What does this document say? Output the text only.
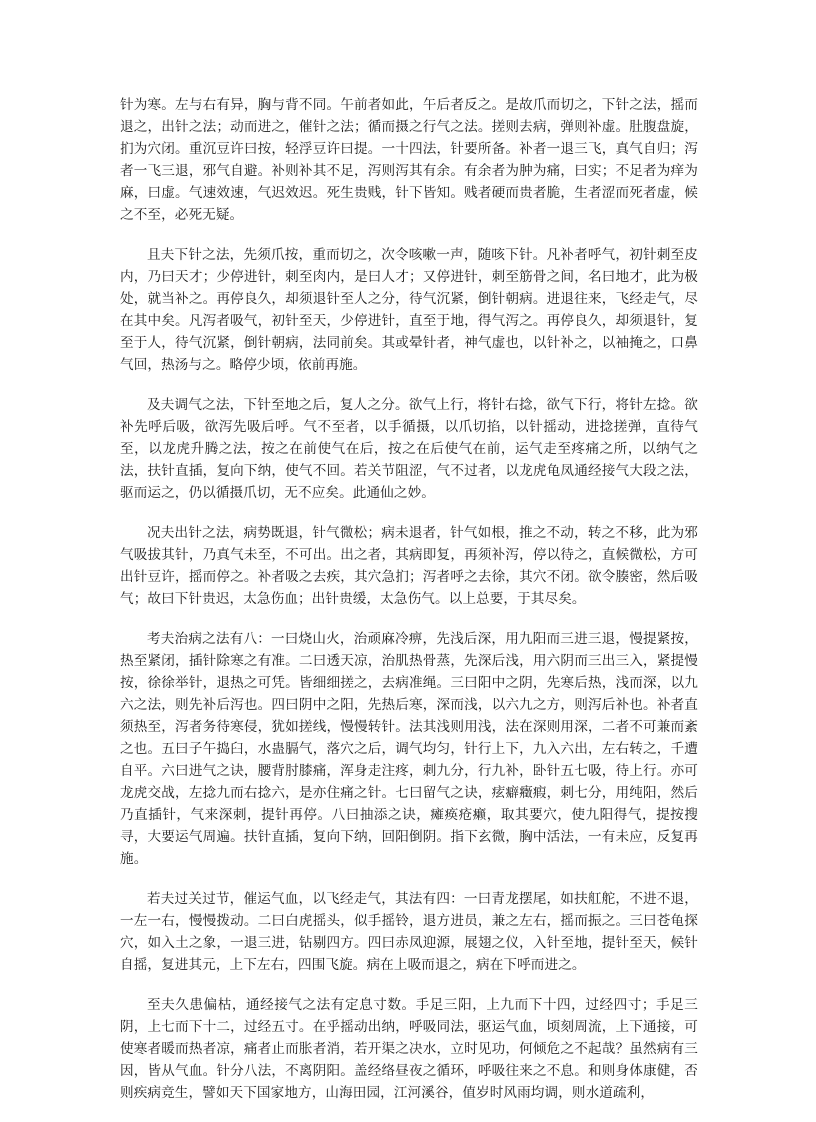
针为寒。左与右有异，胸与背不同。午前者如此，午后者反之。是故爪而切之，下针之法，摇而退之，出针之法；动而进之，催针之法；循而摄之行气之法。搓则去病，弹则补虚。肚腹盘旋，扪为穴闭。重沉豆许曰按，轻浮豆许曰提。一十四法，针要所备。补者一退三飞，真气自归；泻者一飞三退，邪气自避。补则补其不足，泻则泻其有余。有余者为肿为痛，曰实；不足者为痒为麻，曰虚。气速效速，气迟效迟。死生贵贱，针下皆知。贱者硬而贵者脆，生者涩而死者虚，候之不至，必死无疑。

且夫下针之法，先须爪按，重而切之，次令咳嗽一声，随咳下针。凡补者呼气，初针刺至皮内，乃曰天才；少停进针，刺至肉内，是曰人才；又停进针，刺至筋骨之间，名曰地才，此为极处，就当补之。再停良久，却须退针至人之分，待气沉紧，倒针朝病。进退往来，飞经走气，尽在其中矣。凡泻者吸气，初针至天，少停进针，直至于地，得气泻之。再停良久，却须退针，复至于人，待气沉紧，倒针朝病，法同前矣。其或晕针者，神气虚也，以针补之，以袖掩之，口鼻气回，热汤与之。略停少顷，依前再施。

及夫调气之法，下针至地之后，复人之分。欲气上行，将针右捻，欲气下行，将针左捻。欲补先呼后吸，欲泻先吸后呼。气不至者，以手循摄，以爪切掐，以针摇动，进捻搓弹，直待气至，以龙虎升腾之法，按之在前使气在后，按之在后使气在前，运气走至疼痛之所，以纳气之法，扶针直插，复向下纳，使气不回。若关节阻涩，气不过者，以龙虎龟凤通经接气大段之法，驱而运之，仍以循摄爪切，无不应矣。此通仙之妙。

况夫出针之法，病势既退，针气微松；病未退者，针气如根，推之不动，转之不移，此为邪气吸拔其针，乃真气未至，不可出。出之者，其病即复，再须补泻，停以待之，直候微松，方可出针豆许，摇而停之。补者吸之去疾，其穴急扪；泻者呼之去徐，其穴不闭。欲令腠密，然后吸气；故曰下针贵迟，太急伤血；出针贵缓，太急伤气。以上总要，于其尽矣。

考夫治病之法有八：一曰烧山火，治顽麻冷痹，先浅后深，用九阳而三进三退，慢提紧按，热至紧闭，插针除寒之有准。二曰透天凉，治肌热骨蒸，先深后浅，用六阴而三出三入，紧提慢按，徐徐举针，退热之可凭。皆细细搓之，去病准绳。三曰阳中之阴，先寒后热，浅而深，以九六之法，则先补后泻也。四曰阴中之阳，先热后寒，深而浅，以六九之方，则泻后补也。补者直须热至，泻者务待寒侵，犹如搓线，慢慢转针。法其浅则用浅，法在深则用深，二者不可兼而紊之也。五曰子午捣臼，水蛊膈气，落穴之后，调气均匀，针行上下，九入六出，左右转之，千遭自平。六曰进气之诀，腰背肘膝痛，浑身走注疼，刺九分，行九补，卧针五七吸，待上行。亦可龙虎交战，左捻九而右捻六，是亦住痛之针。七曰留气之诀，痃癖癥瘕，刺七分，用纯阳，然后乃直插针，气来深刺，提针再停。八曰抽添之诀，瘫痪疮癞，取其要穴，使九阳得气，提按搜寻，大要运气周遍。扶针直插，复向下纳，回阳倒阴。指下玄微，胸中活法，一有未应，反复再施。

若夫过关过节，催运气血，以飞经走气，其法有四：一曰青龙摆尾，如扶舡舵，不进不退，一左一右，慢慢拨动。二曰白虎摇头，似手摇铃，退方进员，兼之左右，摇而振之。三曰苍龟探穴，如入土之象，一退三进，钻剔四方。四曰赤凤迎源，展翅之仪，入针至地，提针至天，候针自摇，复进其元，上下左右，四围飞旋。病在上吸而退之，病在下呼而进之。

至夫久患偏枯，通经接气之法有定息寸数。手足三阳，上九而下十四，过经四寸；手足三阴，上七而下十二，过经五寸。在乎摇动出纳，呼吸同法，驱运气血，顷刻周流，上下通接，可使寒者暖而热者凉，痛者止而胀者消，若开渠之决水，立时见功，何倾危之不起哉？虽然病有三因，皆从气血。针分八法，不离阴阳。盖经络昼夜之循环，呼吸往来之不息。和则身体康健，否则疾病竞生，譬如天下国家地方，山海田园，江河溪谷，值岁时风雨均调，则水道疏利，
